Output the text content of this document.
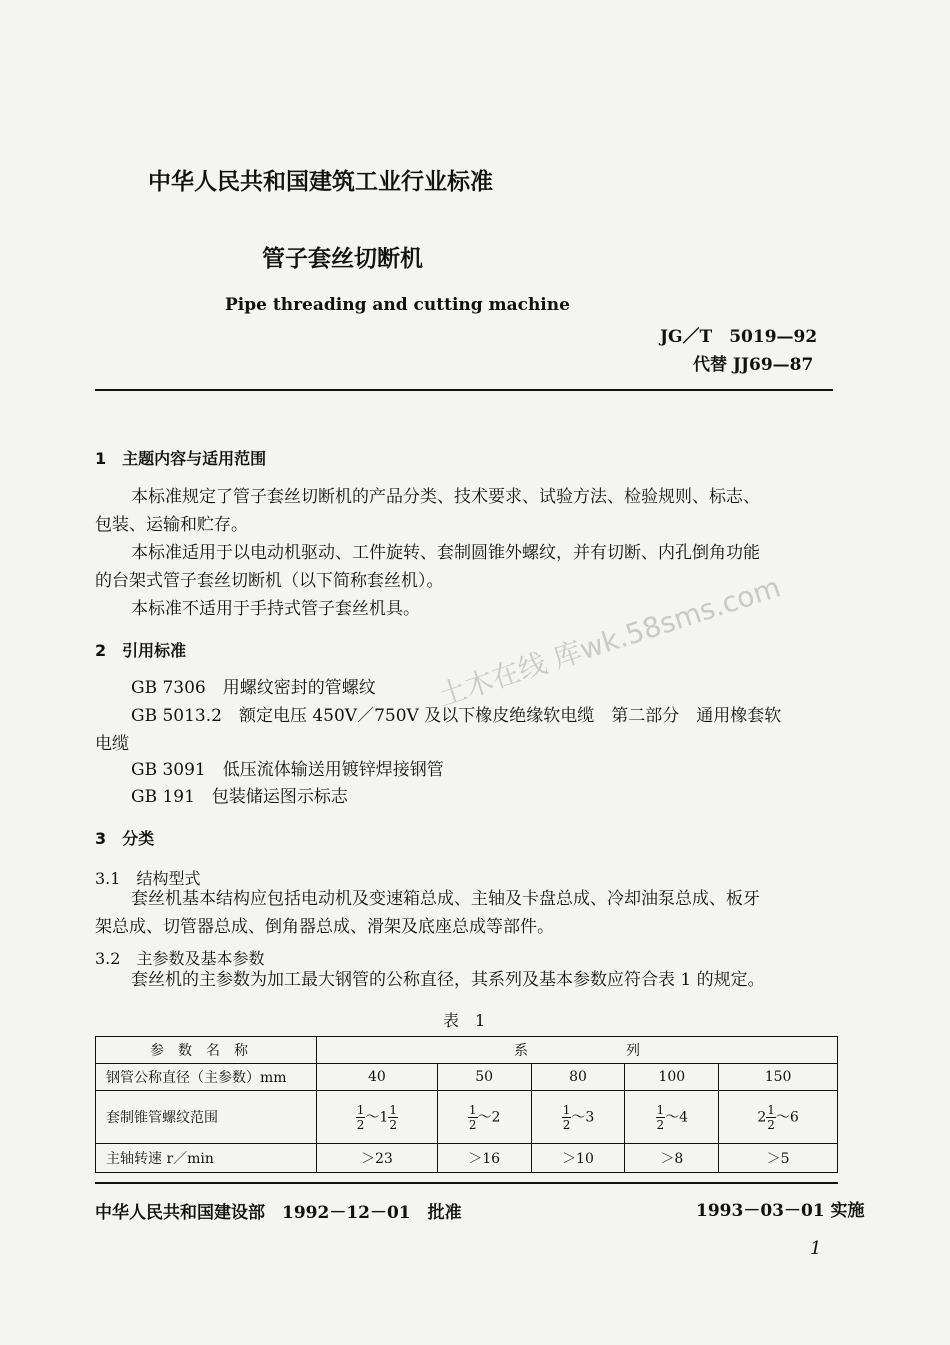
土木在线 库wk.58sms.com
中华人民共和国建筑工业行业标准
管子套丝切断机
Pipe threading and cutting machine
JG／T　5019—92
代替 JJ69—87
1　主题内容与适用范围
本标准规定了管子套丝切断机的产品分类、技术要求、试验方法、检验规则、标志、
包装、运输和贮存。
本标准适用于以电动机驱动、工件旋转、套制圆锥外螺纹，并有切断、内孔倒角功能
的台架式管子套丝切断机（以下简称套丝机）。
本标准不适用于手持式管子套丝机具。
2　引用标准
GB 7306　用螺纹密封的管螺纹
GB 5013.2　额定电压 450V／750V 及以下橡皮绝缘软电缆　第二部分　通用橡套软
电缆
GB 3091　低压流体输送用镀锌焊接钢管
GB 191　包装储运图示标志
3　分类
3.1　结构型式
套丝机基本结构应包括电动机及变速箱总成、主轴及卡盘总成、冷却油泵总成、板牙
架总成、切管器总成、倒角器总成、滑架及底座总成等部件。
3.2　主参数及基本参数
套丝机的主参数为加工最大钢管的公称直径，其系列及基本参数应符合表 1 的规定。
表　1
参数名称	系　　　　　　　列				
钢管公称直径（主参数）mm	40	50	80	100	150
套制锥管螺纹范围	$\frac{1}{2}$ ～1 $\frac{1}{2}$	$\frac{1}{2}$ ～2	$\frac{1}{2}$ ～3	$\frac{1}{2}$ ～4	$2 \frac{1}{2}$ ～6
主轴转速 r／min	＞23	＞16	＞10	＞8	＞5
中华人民共和国建设部　1992－12－01　批准	1993－03－01 实施
1
